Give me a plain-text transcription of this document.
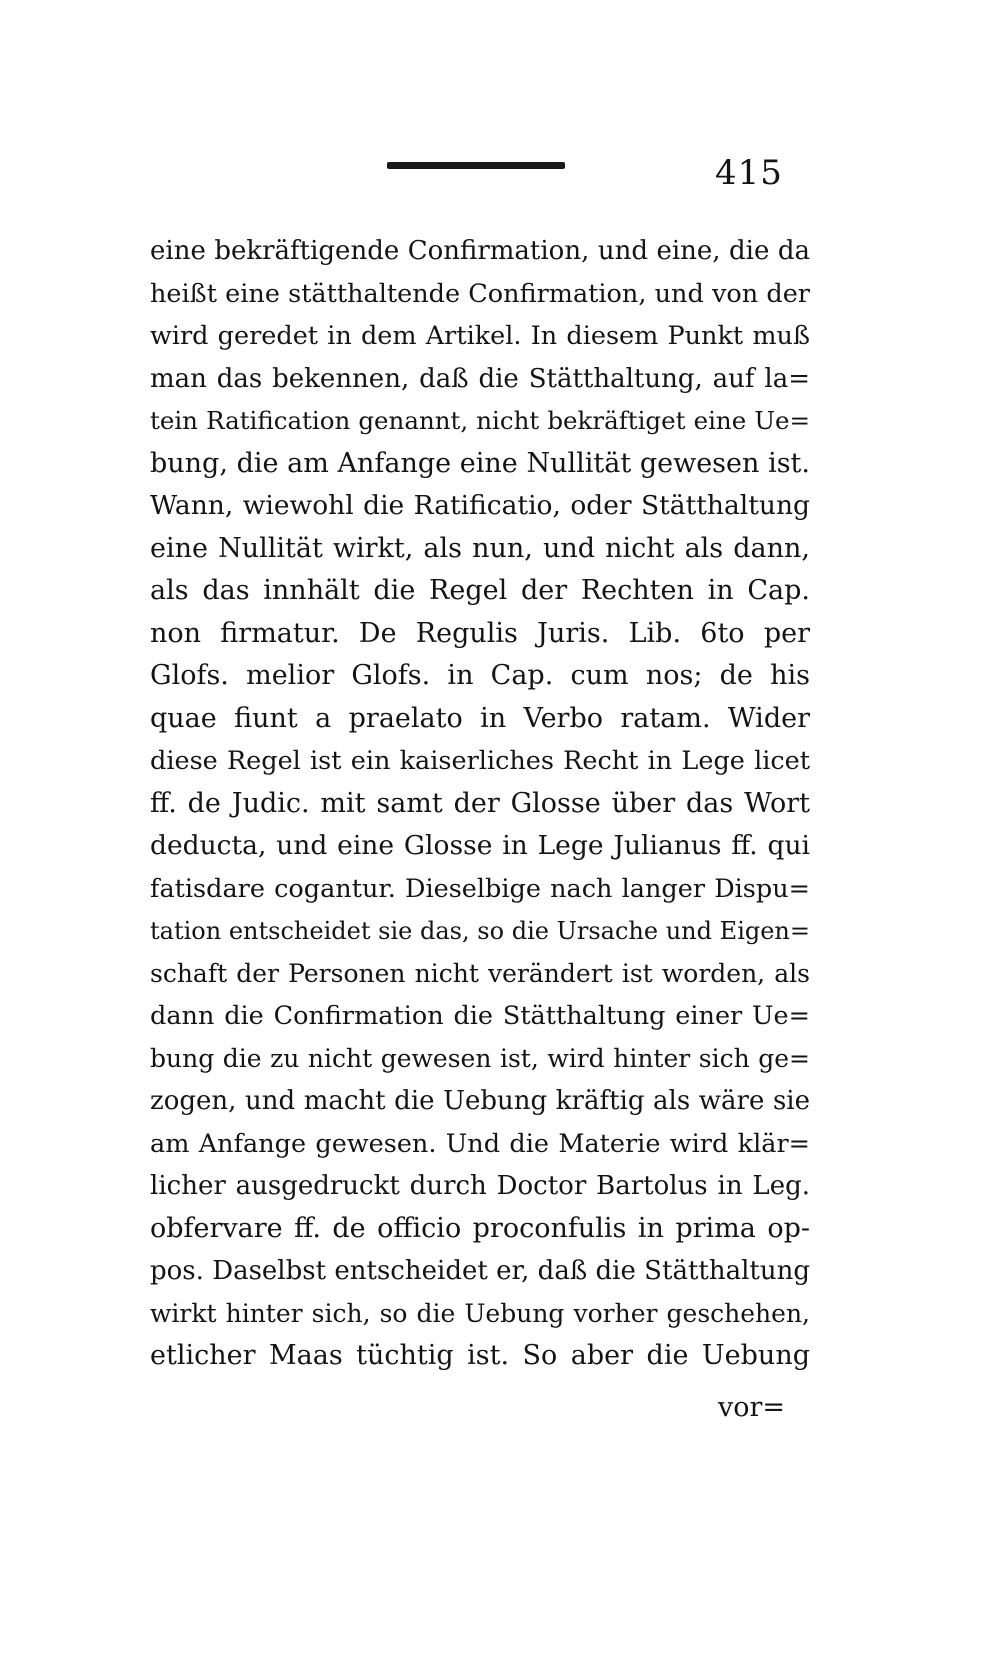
415
eine bekräftigende Confirmation, und eine, die da
heißt eine stätthaltende Confirmation, und von der
wird geredet in dem Artikel. In diesem Punkt muß
man das bekennen, daß die Stätthaltung, auf la=
tein Ratification genannt, nicht bekräftiget eine Ue=
bung, die am Anfange eine Nullität gewesen ist.
Wann, wiewohl die Ratificatio, oder Stätthaltung
eine Nullität wirkt, als nun, und nicht als dann,
als das innhält die Regel der Rechten in Cap.
non firmatur. De Regulis Juris. Lib. 6to per
Glofs. melior Glofs. in Cap. cum nos; de his
quae fiunt a praelato in Verbo ratam. Wider
diese Regel ist ein kaiserliches Recht in Lege licet
ff. de Judic. mit samt der Glosse über das Wort
deducta, und eine Glosse in Lege Julianus ff. qui
fatisdare cogantur. Dieselbige nach langer Dispu=
tation entscheidet sie das, so die Ursache und Eigen=
schaft der Personen nicht verändert ist worden, als
dann die Confirmation die Stätthaltung einer Ue=
bung die zu nicht gewesen ist, wird hinter sich ge=
zogen, und macht die Uebung kräftig als wäre sie
am Anfange gewesen. Und die Materie wird klär=
licher ausgedruckt durch Doctor Bartolus in Leg.
obfervare ff. de officio proconfulis in prima op-
pos. Daselbst entscheidet er, daß die Stätthaltung
wirkt hinter sich, so die Uebung vorher geschehen,
etlicher Maas tüchtig ist. So aber die Uebung
vor=
